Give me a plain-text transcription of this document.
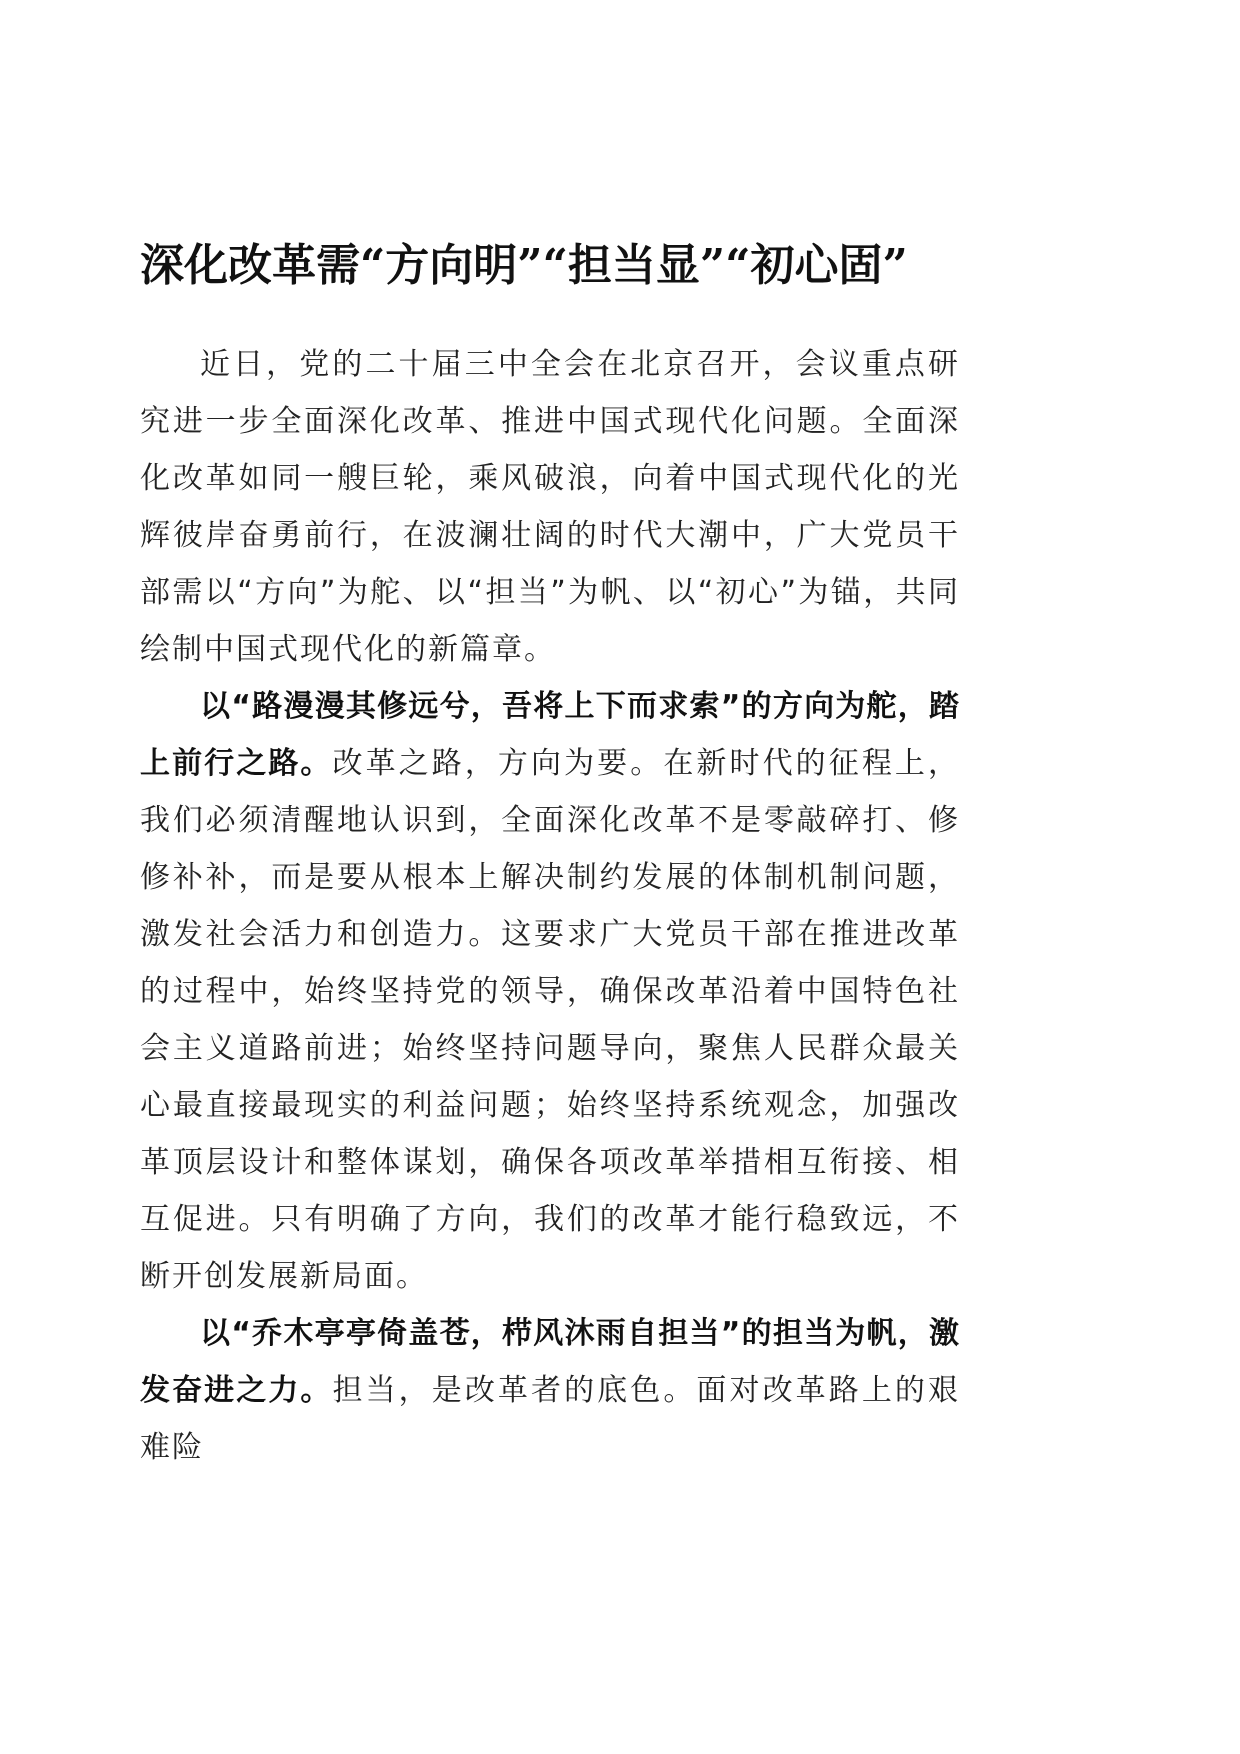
深化改革需“方向明”“担当显”“初心固”

近日，党的二十届三中全会在北京召开，会议重点研究进一步全面深化改革、推进中国式现代化问题。全面深化改革如同一艘巨轮，乘风破浪，向着中国式现代化的光辉彼岸奋勇前行，在波澜壮阔的时代大潮中，广大党员干部需以“方向”为舵、以“担当”为帆、以“初心”为锚，共同绘制中国式现代化的新篇章。

以“路漫漫其修远兮，吾将上下而求索”的方向为舵，踏上前行之路。改革之路，方向为要。在新时代的征程上，我们必须清醒地认识到，全面深化改革不是零敲碎打、修修补补，而是要从根本上解决制约发展的体制机制问题，激发社会活力和创造力。这要求广大党员干部在推进改革的过程中，始终坚持党的领导，确保改革沿着中国特色社会主义道路前进；始终坚持问题导向，聚焦人民群众最关心最直接最现实的利益问题；始终坚持系统观念，加强改革顶层设计和整体谋划，确保各项改革举措相互衔接、相互促进。只有明确了方向，我们的改革才能行稳致远，不断开创发展新局面。

以“乔木亭亭倚盖苍，栉风沐雨自担当”的担当为帆，激发奋进之力。担当，是改革者的底色。面对改革路上的艰难险
